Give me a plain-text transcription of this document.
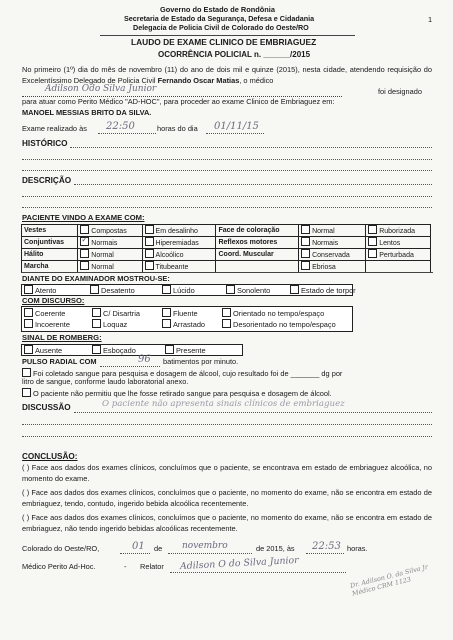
Governo do Estado de Rondônia
Secretaria de Estado da Segurança, Defesa e Cidadania
Delegacia de Policia Civil de Colorado do Oeste/RO
1
LAUDO DE EXAME CLINICO DE EMBRIAGUEZ
OCORRÊNCIA POLICIAL n. ______/2015
No primeiro (1º) dia do mês de novembro (11) do ano de dois mil e quinze (2015), nesta cidade, atendendo requisição do Excelentíssimo Delegado de Policia Civil Fernando Oscar Matias, o médico
Adilson Odo Silva Junior	foi designado
para atuar como Perito Médico "AD-HOC", para proceder ao exame Clinico de Embriaguez em:
MANOEL MESSIAS BRITO DA SILVA.
Exame realizado às 22:50	horas do dia 01/11/15
HISTÓRICO
DESCRIÇÃO
PACIENTE VINDO A EXAME COM:
Vestes	Compostas	Em desalinho	Face de coloração	Normal	Ruborizada
Conjuntivas	✓Normais	Hiperemiadas	Reflexos motores	Normais	Lentos
Hálito	Normal	Alcoólico	Coord. Muscular	Conservada	Perturbada
Marcha	Normal	Titubeante		Ebriosa	
DIANTE DO EXAMINADOR MOSTROU-SE:
Atento	Desatento	Lúcido	Sonolento	Estado de torpor
COM DISCURSO:
Coerente	C/ Disartria	Fluente	Orientado no tempo/espaço
Incoerente	Loquaz	Arrastado	Desorientado no tempo/espaço
SINAL DE ROMBERG:
Ausente	Esboçado	Presente
PULSO RADIAL COM	96 batimentos por minuto.
Foi coletado sangue para pesquisa e dosagem de álcool, cujo resultado foi de _______ dg por
litro de sangue, conforme laudo laboratorial anexo.
O paciente não permitiu que lhe fosse retirado sangue para pesquisa e dosagem de álcool.
DISCUSSÃO	O paciente não apresenta sinais clínicos de embriaguez
CONCLUSÃO:
( ) Face aos dados dos exames clínicos, concluímos que o paciente, se encontrava em estado de embriaguez alcoólica, no momento do exame.
( ) Face aos dados dos exames clínicos, concluímos que o paciente, no momento do exame, não se encontra em estado de embriaguez, tendo, contudo, ingerido bebida alcoólica recentemente.
( ) Face aos dados dos exames clínicos, concluímos que o paciente, no momento do exame, não se encontra em estado de embriaguez, não tendo ingerido bebidas alcoólicas recentemente.
Colorado do Oeste/RO,	01 de novembro	de 2015, às 22:53 horas.
Médico Perito Ad-Hoc.	- Relator Adilson O do Silva Junior	Dr. Adilson O. da Silva Jr Médico CRM 1123
